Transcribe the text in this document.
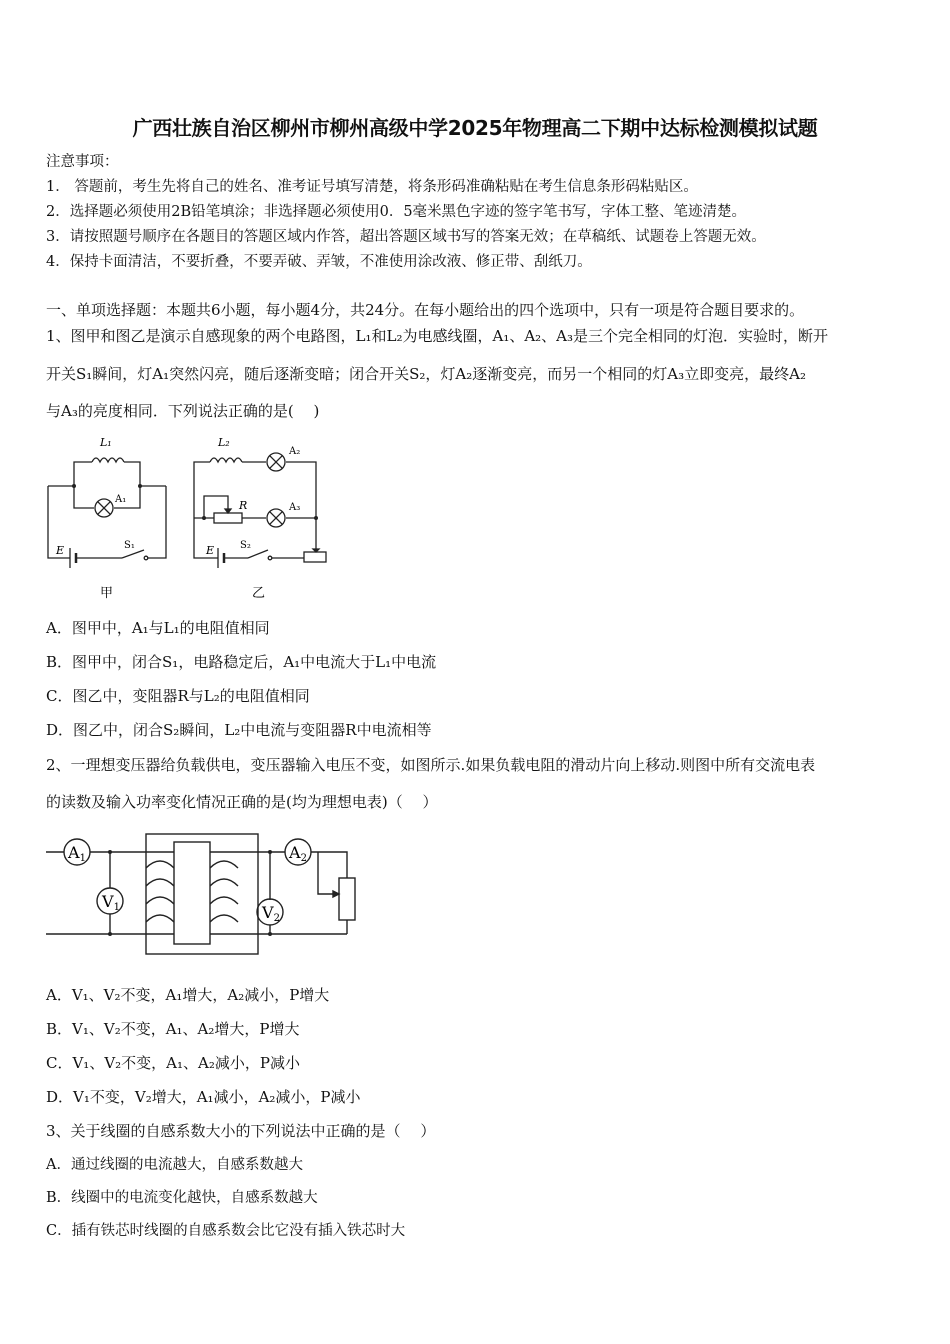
广西壮族自治区柳州市柳州高级中学2025年物理高二下期中达标检测模拟试题
注意事项：
1． 答题前，考生先将自己的姓名、准考证号填写清楚，将条形码准确粘贴在考生信息条形码粘贴区。
2．选择题必须使用2B铅笔填涂；非选择题必须使用0．5毫米黑色字迹的签字笔书写，字体工整、笔迹清楚。
3．请按照题号顺序在各题目的答题区域内作答，超出答题区域书写的答案无效；在草稿纸、试题卷上答题无效。
4．保持卡面清洁，不要折叠，不要弄破、弄皱，不准使用涂改液、修正带、刮纸刀。
一、单项选择题：本题共6小题，每小题4分，共24分。在每小题给出的四个选项中，只有一项是符合题目要求的。
1、图甲和图乙是演示自感现象的两个电路图，L₁和L₂为电感线圈，A₁、A₂、A₃是三个完全相同的灯泡．实验时，断开
开关S₁瞬间，灯A₁突然闪亮，随后逐渐变暗；闭合开关S₂，灯A₂逐渐变亮，而另一个相同的灯A₃立即变亮，最终A₂
与A₃的亮度相同．下列说法正确的是(　 )
L₁
A₁
E	S₁
甲
L₂
A₂
R	A₃
E	S₂
乙
A．图甲中，A₁与L₁的电阻值相同
B．图甲中，闭合S₁，电路稳定后，A₁中电流大于L₁中电流
C．图乙中，变阻器R与L₂的电阻值相同
D．图乙中，闭合S₂瞬间，L₂中电流与变阻器R中电流相等
2、一理想变压器给负载供电，变压器输入电压不变，如图所示.如果负载电阻的滑动片向上移动.则图中所有交流电表
的读数及输入功率变化情况正确的是(均为理想电表)（　 ）
A1
V1
A2
V2
A．V₁、V₂不变，A₁增大，A₂减小，P增大
B．V₁、V₂不变，A₁、A₂增大，P增大
C．V₁、V₂不变，A₁、A₂减小，P减小
D．V₁不变，V₂增大，A₁减小，A₂减小，P减小
3、关于线圈的自感系数大小的下列说法中正确的是（　 ）
A．通过线圈的电流越大，自感系数越大
B．线圈中的电流变化越快，自感系数越大
C．插有铁芯时线圈的自感系数会比它没有插入铁芯时大
